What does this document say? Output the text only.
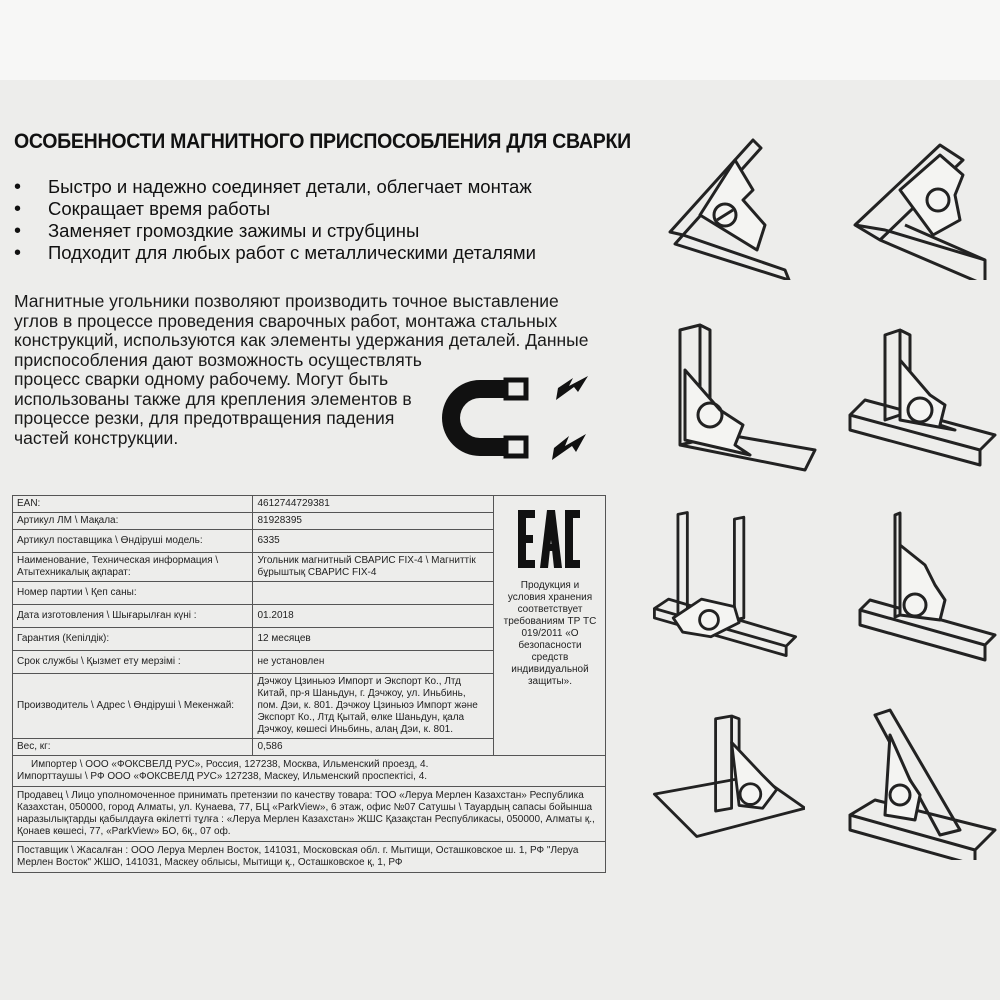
ОСОБЕННОСТИ МАГНИТНОГО ПРИСПОСОБЛЕНИЯ ДЛЯ СВАРКИ
• Быстро и надежно соединяет детали, облегчает монтаж
• Сокращает время работы
• Заменяет громоздкие зажимы и струбцины
• Подходит для любых работ с металлическими деталями

Магнитные угольники позволяют производить точное выставление
углов в процессе проведения сварочных работ, монтажа стальных
конструкций, используются как элементы удержания деталей. Данные
приспособления дают возможность осуществлять
процесс сварки одному рабочему. Могут быть
использованы также для крепления элементов в
процессе резки, для предотвращения падения
частей конструкции.

EAN:	4612744729381	
Артикул ЛМ \ Мақала:	81928395	
Артикул поставщика \ Өндіруші модель:	6335	
Наименование, Техническая информация \ Атытехникалық ақпарат:	Угольник магнитный СВАРИС FIX-4 \ Магниттік бұрыштық СВАРИС FIX-4	
Номер партии \ Қеп саны:		
Дата изготовления \ Шығарылған күні :	01.2018	
Гарантия (Кепілдік):	12 месяцев	
Срок службы \ Қызмет ету мерзімі :	не установлен	
Производитель \ Адрес \ Өндіруші \ Мекенжай:	Дэчжоу Цзиньюэ Импорт и Экспорт Ко., Лтд Китай, пр-я Шаньдун, г. Дэчжоу, ул. Иньбинь, пом. Дэи, к. 801. Дэчжоу Цзиньюэ Импорт және Экспорт Ко., Лтд Қытай, өлке Шаньдун, қала Дэчжоу, көшесі Иньбинь, алаң Дэи, к. 801.	
Вес, кг:	0,586	

Импортер \ ООО «ФОКСВЕЛД РУС», Россия, 127238, Москва, Ильменский проезд, 4.
Импорттаушы \ РФ ООО «ФОКСВЕЛД РУС» 127238, Маскеу, Ильменский проспектісі, 4.		

Продавец \ Лицо уполномоченное принимать претензии по качеству товара: ТОО «Леруа Мерлен Казахстан» Республика Казахстан, 050000, город Алматы, ул. Кунаева, 77, БЦ «ParkView», 6 этаж, офис №07 Сатушы \ Тауардың сапасы бойынша наразылықтарды қабылдауға өкілетті тұлға : «Леруа Мерлен Казахстан» ЖШС Қазақстан Республикасы, 050000, Алматы қ., Қонаев көшесі, 77, «ParkView» БО, 6қ., 07 оф.		
Поставщик \ Жасалған : ООО Леруа Мерлен Восток, 141031, Московская обл. г. Мытищи, Осташковское ш. 1, РФ "Леруа Мерлен Восток" ЖШО, 141031, Маскеу облысы, Мытищи қ., Осташковское қ, 1, РФ		
Продукция и условия хранения соответствует требованиям ТР ТС 019/2011 «О безопасности средств индивидуальной защиты».
